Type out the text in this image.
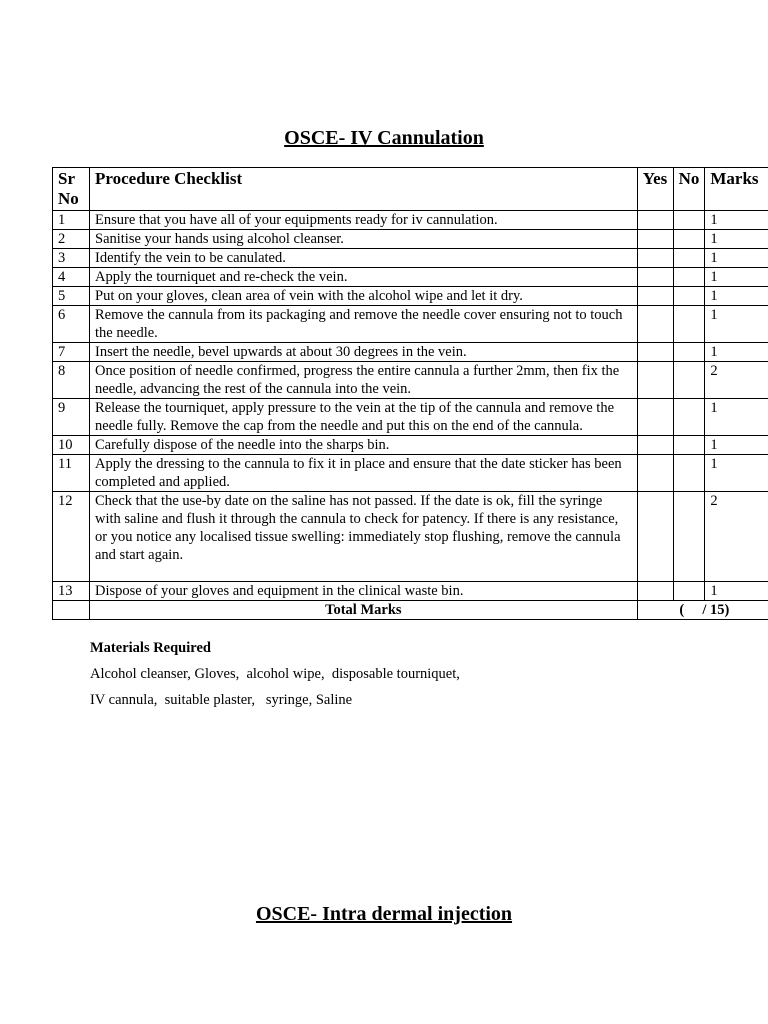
OSCE- IV Cannulation
Sr No	Procedure Checklist	Yes	No	Marks
1	Ensure that you have all of your equipments ready for iv cannulation.			1
2	Sanitise your hands using alcohol cleanser.			1
3	Identify the vein to be canulated.			1
4	Apply the tourniquet and re-check the vein.			1
5	Put on your gloves, clean area of vein with the alcohol wipe and let it dry.			1
6	Remove the cannula from its packaging and remove the needle cover ensuring not to touch the needle.			1
7	Insert the needle, bevel upwards at about 30 degrees in the vein.			1
8	Once position of needle confirmed, progress the entire cannula a further 2mm, then fix the needle, advancing the rest of the cannula into the vein.			2
9	Release the tourniquet, apply pressure to the vein at the tip of the cannula and remove the needle fully. Remove the cap from the needle and put this on the end of the cannula.			1
10	Carefully dispose of the needle into the sharps bin.			1
11	Apply the dressing to the cannula to fix it in place and ensure that the date sticker has been completed and applied.			1
12	Check that the use-by date on the saline has not passed. If the date is ok, fill the syringe with saline and flush it through the cannula to check for patency. If there is any resistance, or you notice any localised tissue swelling: immediately stop flushing, remove the cannula and start again.			2
13	Dispose of your gloves and equipment in the clinical waste bin.			1
	Total Marks	(     / 15)		
Materials Required
Alcohol cleanser, Gloves,  alcohol wipe,  disposable tourniquet,
IV cannula,  suitable plaster,   syringe, Saline
OSCE- Intra dermal injection
